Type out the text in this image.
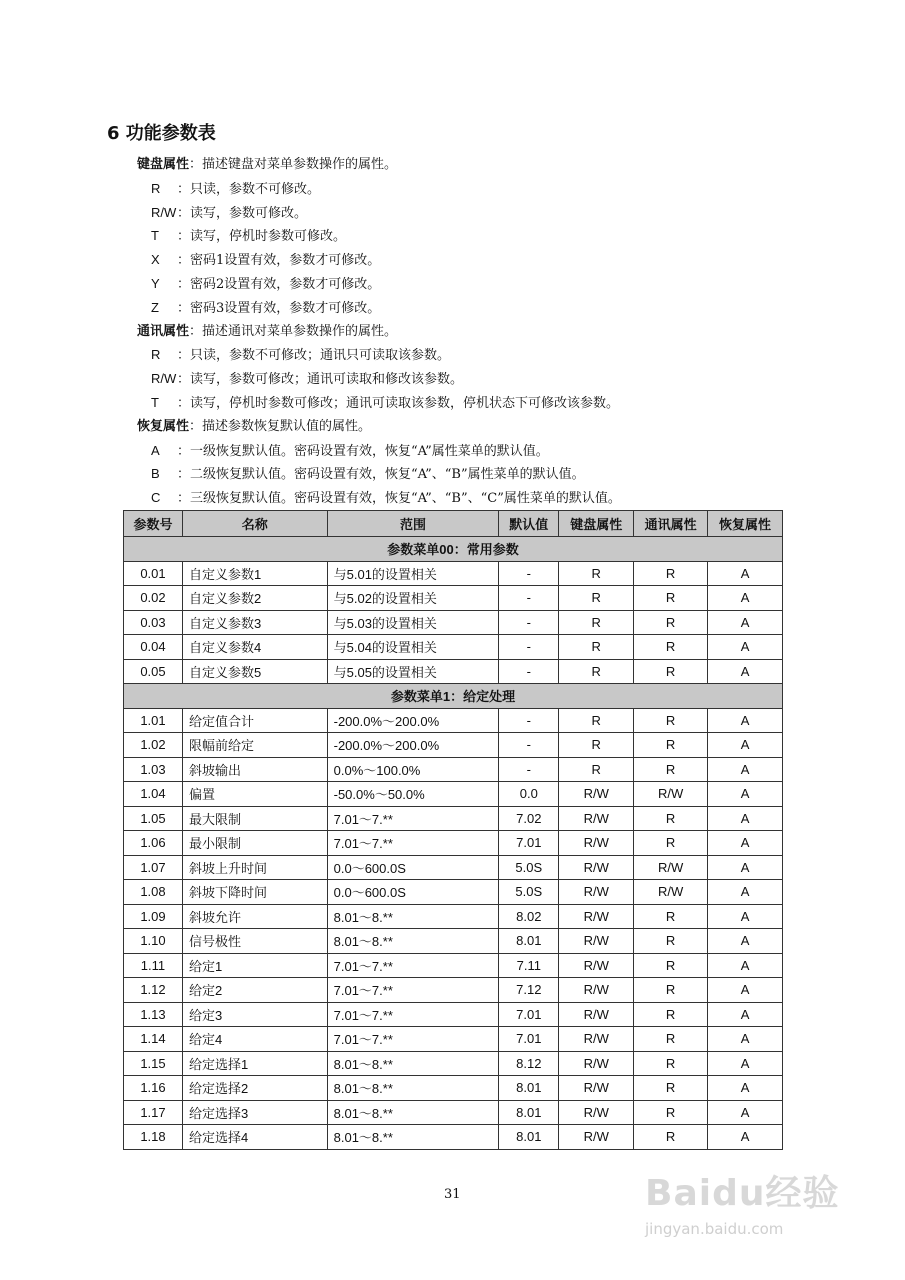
6 功能参数表
键盘属性：描述键盘对菜单参数操作的属性。
R ：只读，参数不可修改。
R/W：读写，参数可修改。
T ：读写，停机时参数可修改。
X ：密码1设置有效，参数才可修改。
Y ：密码2设置有效，参数才可修改。
Z ：密码3设置有效，参数才可修改。
通讯属性：描述通讯对菜单参数操作的属性。
R ：只读，参数不可修改；通讯只可读取该参数。
R/W：读写，参数可修改；通讯可读取和修改该参数。
T ：读写，停机时参数可修改；通讯可读取该参数，停机状态下可修改该参数。
恢复属性：描述参数恢复默认值的属性。
A ：一级恢复默认值。密码设置有效，恢复“A”属性菜单的默认值。
B ：二级恢复默认值。密码设置有效，恢复“A”、“B”属性菜单的默认值。
C ：三级恢复默认值。密码设置有效，恢复“A”、“B”、“C”属性菜单的默认值。
参数号	名称	范围	默认值	键盘属性	通讯属性	恢复属性
参数菜单00：常用参数						
0.01	自定义参数1	与5.01的设置相关	-	R	R	A
0.02	自定义参数2	与5.02的设置相关	-	R	R	A
0.03	自定义参数3	与5.03的设置相关	-	R	R	A
0.04	自定义参数4	与5.04的设置相关	-	R	R	A
0.05	自定义参数5	与5.05的设置相关	-	R	R	A
参数菜单1：给定处理						
1.01	给定值合计	-200.0%～200.0%	-	R	R	A
1.02	限幅前给定	-200.0%～200.0%	-	R	R	A
1.03	斜坡输出	0.0%～100.0%	-	R	R	A
1.04	偏置	-50.0%～50.0%	0.0	R/W	R/W	A
1.05	最大限制	7.01～7.**	7.02	R/W	R	A
1.06	最小限制	7.01～7.**	7.01	R/W	R	A
1.07	斜坡上升时间	0.0～600.0S	5.0S	R/W	R/W	A
1.08	斜坡下降时间	0.0～600.0S	5.0S	R/W	R/W	A
1.09	斜坡允许	8.01～8.**	8.02	R/W	R	A
1.10	信号极性	8.01～8.**	8.01	R/W	R	A
1.11	给定1	7.01～7.**	7.11	R/W	R	A
1.12	给定2	7.01～7.**	7.12	R/W	R	A
1.13	给定3	7.01～7.**	7.01	R/W	R	A
1.14	给定4	7.01～7.**	7.01	R/W	R	A
1.15	给定选择1	8.01～8.**	8.12	R/W	R	A
1.16	给定选择2	8.01～8.**	8.01	R/W	R	A
1.17	给定选择3	8.01～8.**	8.01	R/W	R	A
1.18	给定选择4	8.01～8.**	8.01	R/W	R	A
31	Baidu经验
jingyan.baidu.com
